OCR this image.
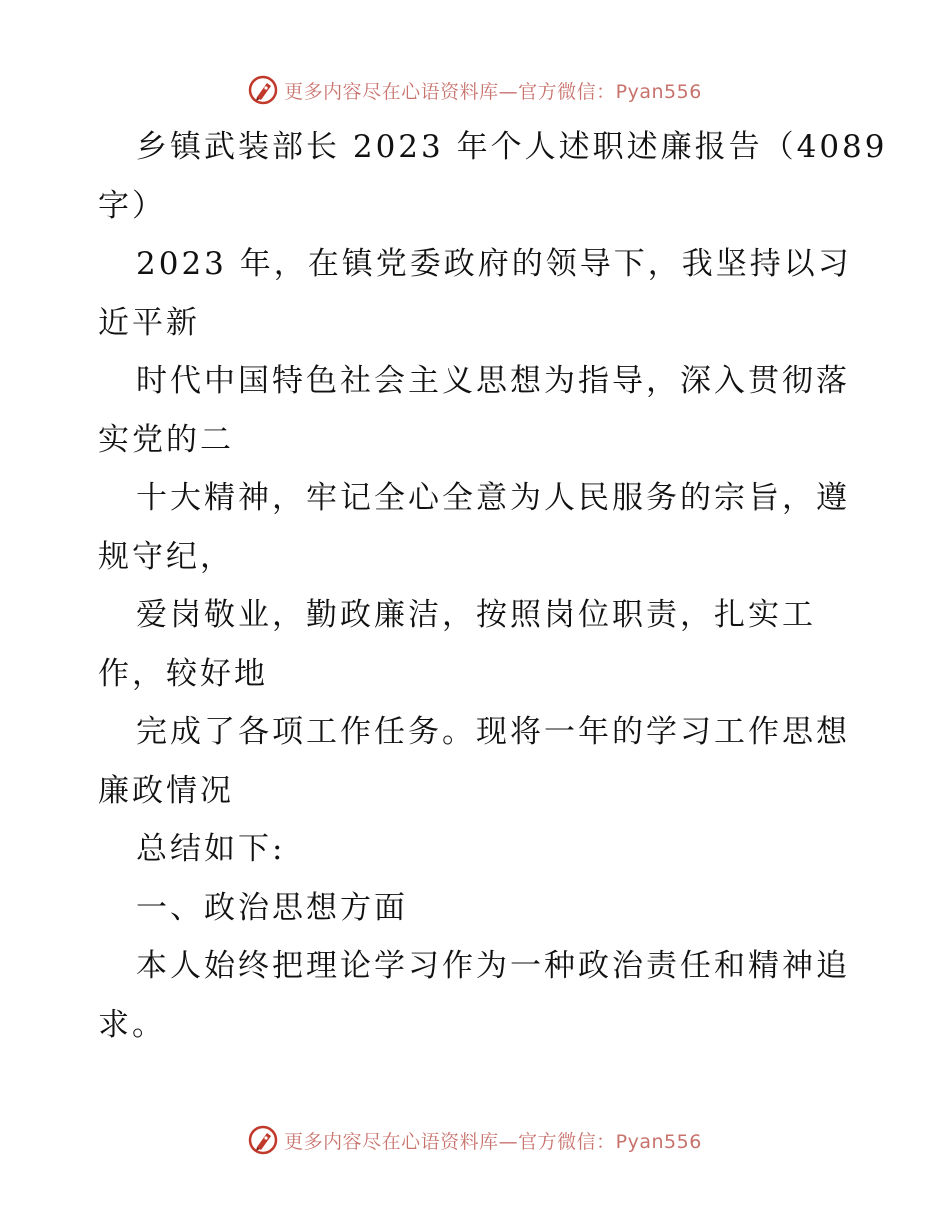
更多内容尽在心语资料库—官方微信：Pyan556
乡镇武装部长 2023 年个人述职述廉报告（4089
字）
2023 年，在镇党委政府的领导下，我坚持以习
近平新
时代中国特色社会主义思想为指导，深入贯彻落
实党的二
十大精神，牢记全心全意为人民服务的宗旨，遵
规守纪，
爱岗敬业，勤政廉洁，按照岗位职责，扎实工
作，较好地
完成了各项工作任务。现将一年的学习工作思想
廉政情况
总结如下:
一、政治思想方面
本人始终把理论学习作为一种政治责任和精神追
求。
更多内容尽在心语资料库—官方微信：Pyan556
